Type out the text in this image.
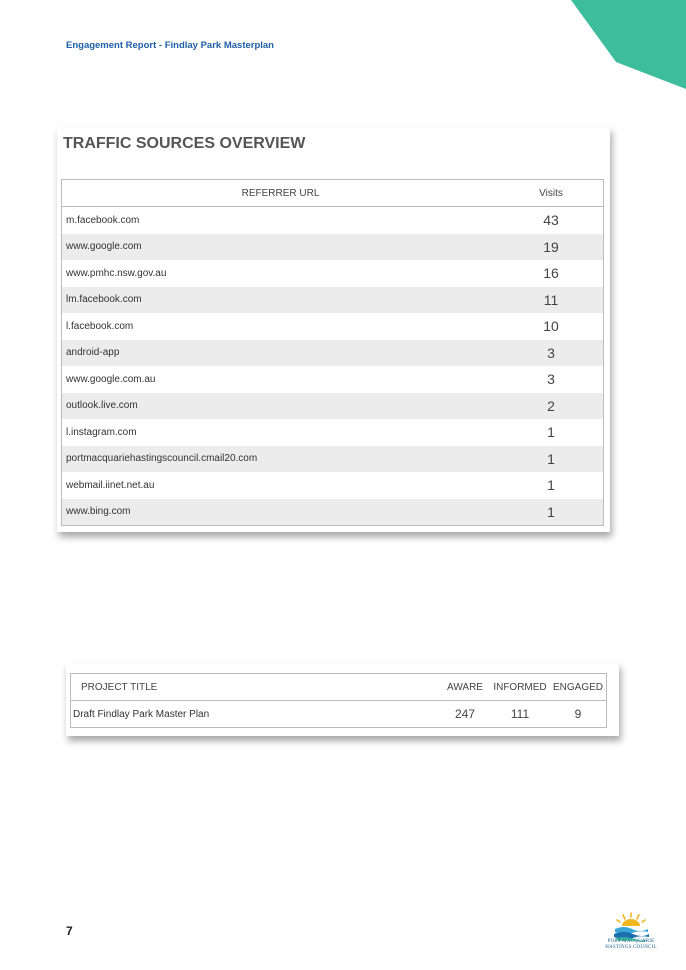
Engagement Report - Findlay Park Masterplan
TRAFFIC SOURCES OVERVIEW
REFERRER URL	Visits
m.facebook.com	43
www.google.com	19
www.pmhc.nsw.gov.au	16
lm.facebook.com	11
l.facebook.com	10
android-app	3
www.google.com.au	3
outlook.live.com	2
l.instagram.com	1
portmacquariehastingscouncil.cmail20.com	1
webmail.iinet.net.au	1
www.bing.com	1
PROJECT TITLE	AWARE	INFORMED	ENGAGED
Draft Findlay Park Master Plan	247	111	9
7
PORT MACQUARIE
HASTINGS COUNCIL
